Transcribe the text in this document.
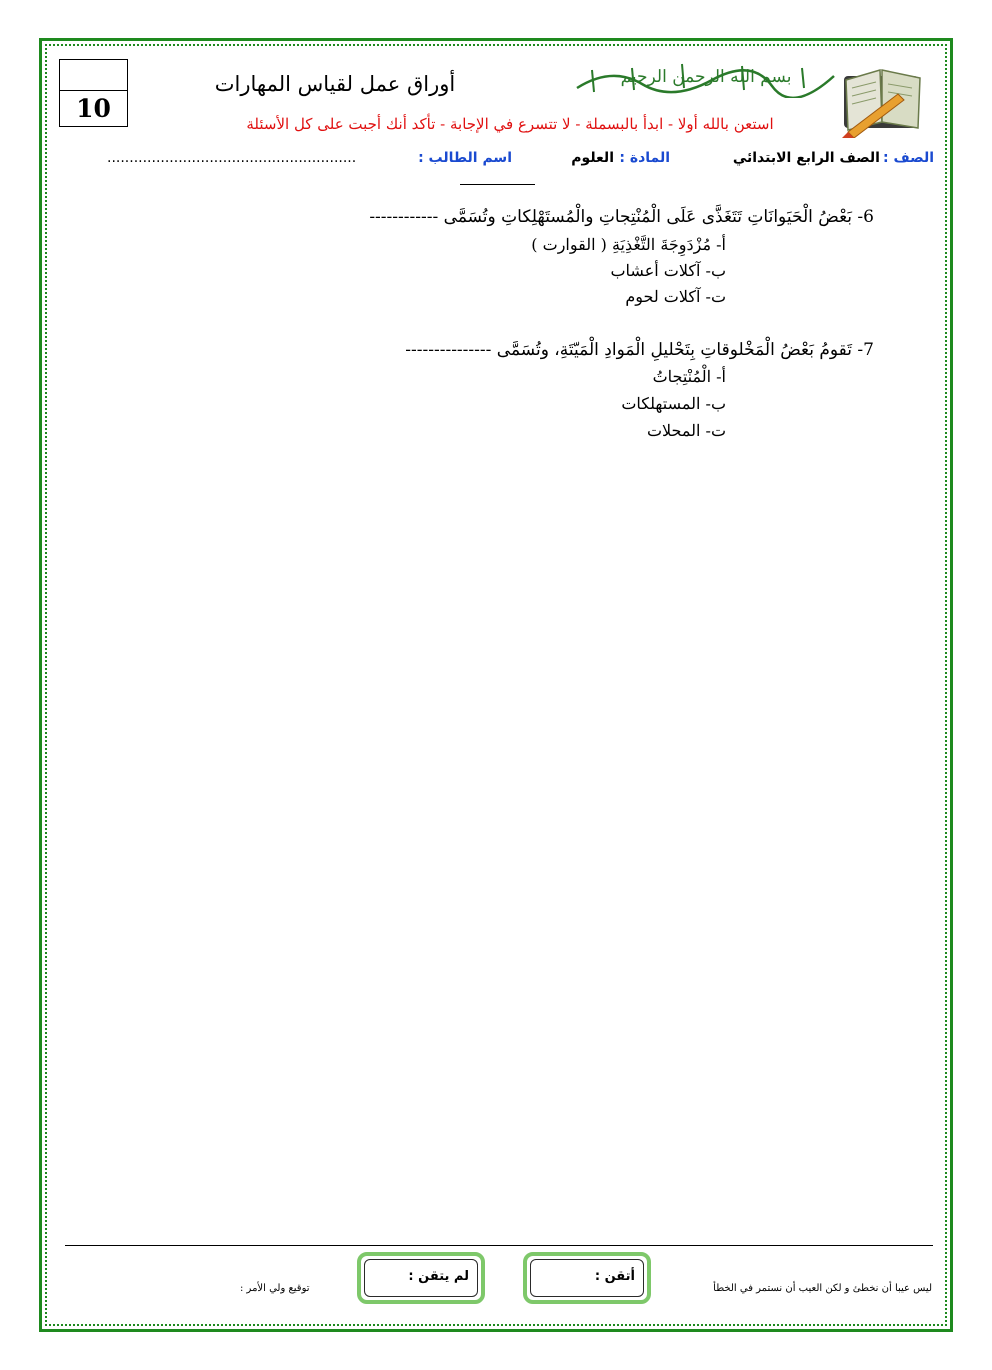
10
أوراق عمل لقياس المهارات	بسم الله الرحمن الرحيم
استعن بالله أولا - ابدأ بالبسملة - لا تتسرع في الإجابة - تأكد أنك أجبت على كل الأسئلة
الصف :
الصف الرابع الابتدائي
المادة :
العلوم
اسم الطالب :
........................................................
6- بَعْضُ الْحَيَوانَاتِ تَتَغَذَّى عَلَى الْمُنْتِجاتِ والْمُستَهْلِكاتِ وتُسَمَّى ------------
أ- مُزْدَوِجَةَ التَّغْذِيَةِ ( القوارت )
ب- آكلات أعشاب
ت- آكلات لحوم
7- تَقومُ بَعْضُ الْمَخْلوقاتِ بِتَحْليلِ الْمَوادِ الْمَيّتَةِ، وتُسَمَّى ---------------
أ- الْمُنْتِجاتُ
ب- المستهلكات
ت- المحلات
ليس عيبا أن نخطئ و لكن العيب أن نستمر في الخطأ
أتقن :
لم يتقن :
توقيع ولي الأمر :
